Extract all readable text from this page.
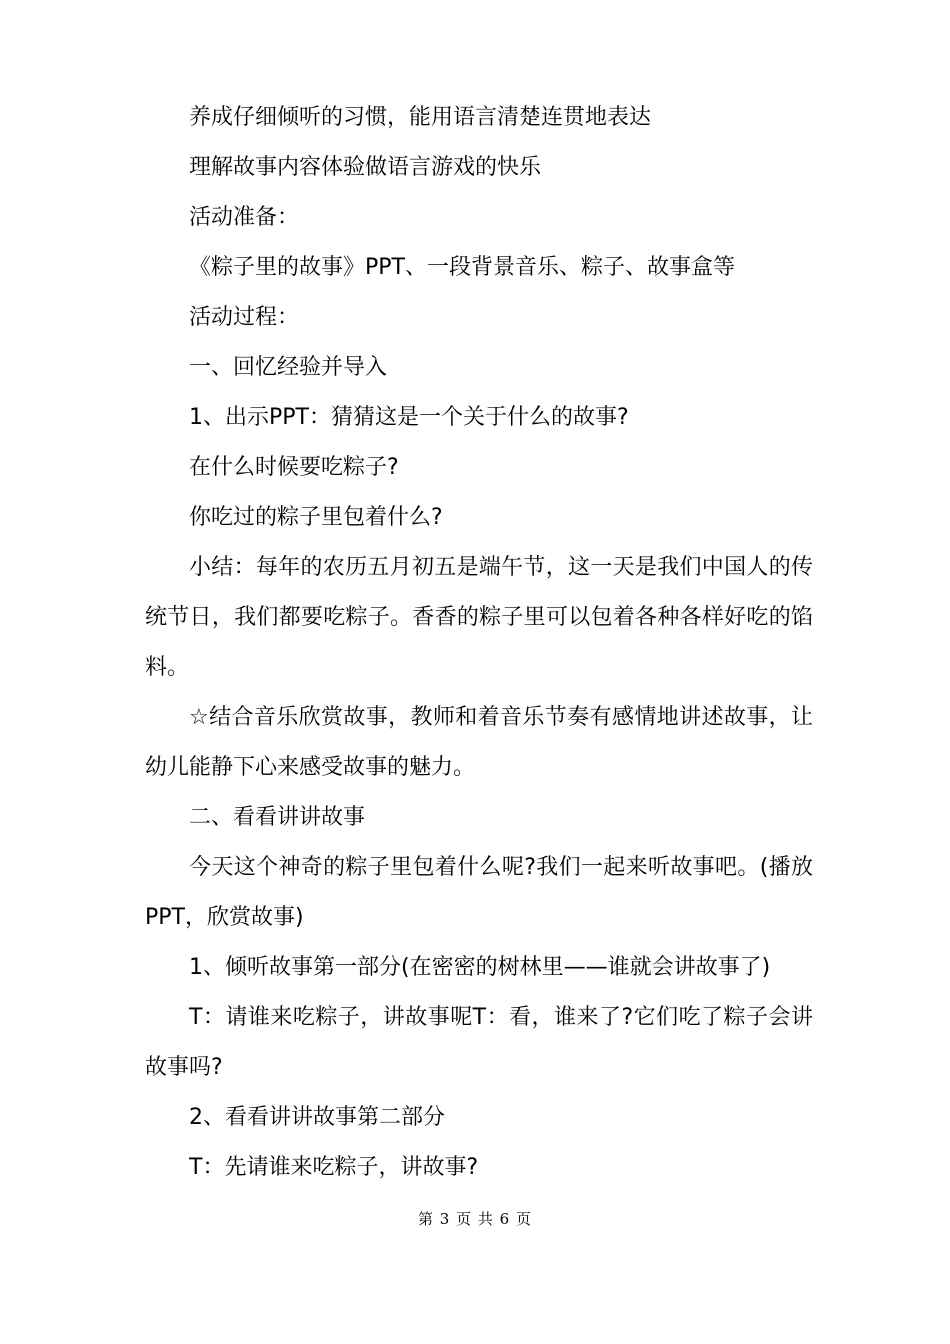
养成仔细倾听的习惯，能用语言清楚连贯地表达

理解故事内容体验做语言游戏的快乐

活动准备：

《粽子里的故事》PPT、一段背景音乐、粽子、故事盒等

活动过程：

一、回忆经验并导入

1、出示PPT：猜猜这是一个关于什么的故事?

在什么时候要吃粽子?

你吃过的粽子里包着什么?

小结：每年的农历五月初五是端午节，这一天是我们中国人的传统节日，我们都要吃粽子。香香的粽子里可以包着各种各样好吃的馅料。

☆结合音乐欣赏故事，教师和着音乐节奏有感情地讲述故事，让幼儿能静下心来感受故事的魅力。

二、看看讲讲故事

今天这个神奇的粽子里包着什么呢?我们一起来听故事吧。(播放PPT，欣赏故事)

1、倾听故事第一部分(在密密的树林里——谁就会讲故事了)

T：请谁来吃粽子，讲故事呢T：看，谁来了?它们吃了粽子会讲故事吗?

2、看看讲讲故事第二部分

T：先请谁来吃粽子，讲故事?

第 3 页 共 6 页
